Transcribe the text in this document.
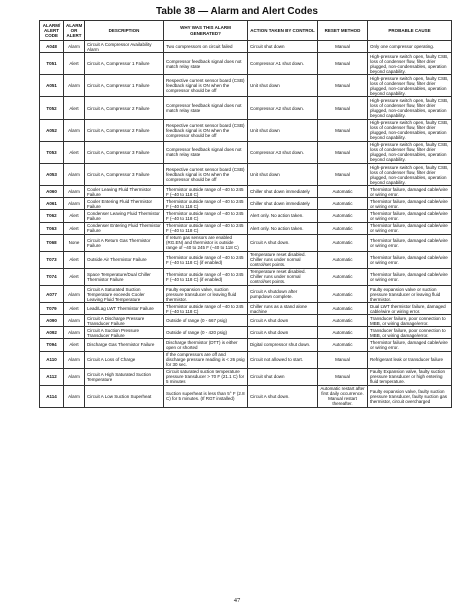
Table 38 — Alarm and Alert Codes
ALARM/ ALERT CODE	ALARM OR ALERT	DESCRIPTION	WHY WAS THIS ALARM GENERATED?	ACTION TAKEN BY CONTROL	RESET METHOD	PROBABLE CAUSE
A048	Alarm	Circuit A Compressor Availability Alarm	Two compressors on circuit failed	Circuit shut down	Manual	Only one compressor operating.
T051	Alert	Circuit A, Compressor 1 Failure	Compressor feedback signal does not match relay state	Compressor A1 shut down.	Manual	High-pressure switch open, faulty CSB, loss of condenser flow, filter drier plugged, non-condensables, operation beyond capability.
A051	Alarm	Circuit A, Compressor 1 Failure	Respective current sensor board (CSB) feedback signal is ON when the compressor should be off	Unit shut down	Manual	High-pressure switch open, faulty CSB, loss of condenser flow, filter drier plugged, non-condensables, operation beyond capability.
T052	Alert	Circuit A, Compressor 2 Failure	Compressor feedback signal does not match relay state	Compressor A2 shut down.	Manual	High-pressure switch open, faulty CSB, loss of condenser flow, filter drier plugged, non-condensables, operation beyond capability.
A052	Alarm	Circuit A, Compressor 2 Failure	Respective current sensor board (CSB) feedback signal is ON when the compressor should be off	Unit shut down	Manual	High-pressure switch open, faulty CSB, loss of condenser flow, filter drier plugged, non-condensables, operation beyond capability.
T053	Alert	Circuit A, Compressor 3 Failure	Compressor feedback signal does not match relay state	Compressor A3 shut down.	Manual	High-pressure switch open, faulty CSB, loss of condenser flow, filter drier plugged, non-condensables, operation beyond capability.
A053	Alarm	Circuit A, Compressor 3 Failure	Respective current sensor board (CSB) feedback signal is ON when the compressor should be off	Unit shut down	Manual	High-pressure switch open, faulty CSB, loss of condenser flow, filter drier plugged, non-condensables, operation beyond capability.
A060	Alarm	Cooler Leaving Fluid Thermistor Failure	Thermistor outside range of –40 to 245 F (–40 to 118 C)	Chiller shut down immediately	Automatic	Thermistor failure, damaged cable/wire or wiring error.
A061	Alarm	Cooler Entering Fluid Thermistor Failure	Thermistor outside range of –40 to 245 F (–40 to 118 C)	Chiller shut down immediately	Automatic	Thermistor failure, damaged cable/wire or wiring error.
T062	Alert	Condenser Leaving Fluid Thermistor Failure	Thermistor outside range of –40 to 245 F (–40 to 118 C)	Alert only. No action taken.	Automatic	Thermistor failure, damaged cable/wire or wiring error.
T063	Alert	Condenser Entering Fluid Thermistor Failure	Thermistor outside range of –40 to 245 F (–40 to 118 C)	Alert only. No action taken.	Automatic	Thermistor failure, damaged cable/wire or wiring error.
T068	None	Circuit A Return Gas Thermistor Failure	If return gas sensors are enabled (RG.EN) and thermistor is outside range of –40 to 245 F (–40 to 118 C)	Circuit A shut down.	Automatic	Thermistor failure, damaged cable/wire or wiring error.
T073	Alert	Outside Air Thermistor Failure	Thermistor outside range of –40 to 245 F (–40 to 118 C) (if enabled)	Temperature reset disabled. Chiller runs under normal control/set points.	Automatic	Thermistor failure, damaged cable/wire or wiring error.
T074	Alert	Space Temperature/Dual Chiller Thermistor Failure	Thermistor outside range of –40 to 245 F (–40 to 118 C) (if enabled)	Temperature reset disabled. Chiller runs under normal control/set points.	Automatic	Thermistor failure, damaged cable/wire or wiring error.
A077	Alarm	Circuit A Saturated Suction Temperature exceeds Cooler Leaving Fluid Temperature	Faulty expansion valve, suction pressure transducer or leaving fluid thermistor.	Circuit A shutdown after pumpdown complete.	Automatic	Faulty expansion valve or suction pressure transducer or leaving fluid thermistor.
T079	Alert	Lead/Lag LWT Thermistor Failure	Thermistor outside range of –40 to 245 F (–40 to 118 C)	Chiller runs as a stand alone machine	Automatic	Dual LWT thermistor failure, damaged cable/wire or wiring error.
A090	Alarm	Circuit A Discharge Pressure Transducer Failure	Outside of range (0 - 667 psig)	Circuit A shut down	Automatic	Transducer failure, poor connection to MBB, or wiring damage/error.
A092	Alarm	Circuit A Suction Pressure Transducer Failure	Outside of range (0 - 420 psig)	Circuit A shut down	Automatic	Transducer failure, poor connection to MBB, or wiring damage/error.
T094	Alert	Discharge Gas Thermistor Failure	Discharge thermistor (DTT) is either open or shorted	Digital compressor shut down.	Automatic	Thermistor failure, damaged cable/wire or wiring error.
A110	Alarm	Circuit A Loss of Charge	If the compressors are off and discharge pressure reading is < 26 psig for 30 sec.	Circuit not allowed to start.	Manual	Refrigerant leak or transducer failure
A112	Alarm	Circuit A High Saturated Suction Temperature	Circuit saturated suction temperature pressure transducer > 70 F (21.1 C) for 5 minutes	Circuit shut down	Manual	Faulty Expansion valve, faulty suction pressure transducer or high entering fluid temperature.
A114	Alarm	Circuit A Low Suction Superheat	Suction superheat is less than 5° F (2.8 C) for 5 minutes. (If RGT installed)	Circuit A shut down.	Automatic restart after first daily occurrence. Manual restart thereafter.	Faulty expansion valve, faulty suction pressure transducer, faulty suction gas thermistor, circuit overcharged
47
